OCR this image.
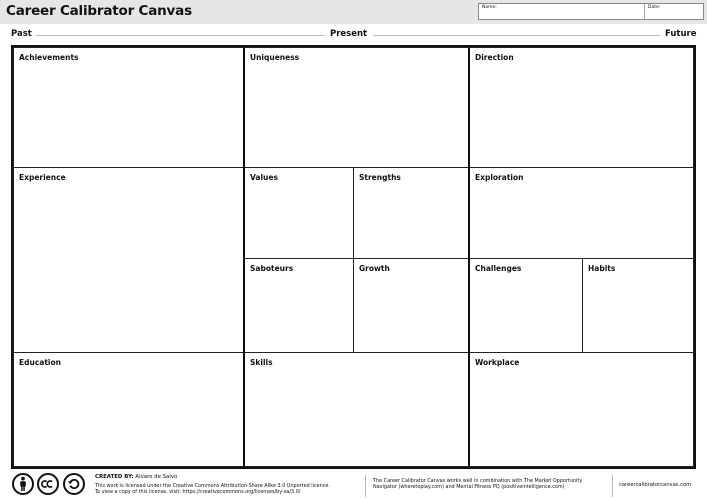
Career Calibrator Canvas	Name:	Date:
Past	Present	Future
Achievements
Experience
Education
Uniqueness
Values	Strengths
Saboteurs	Growth
Skills
Direction
Exploration
Challenges	Habits
Workplace
CREATED BY: Alvaro de Salvo
This work is licensed under the Creative Commons Attribution-Share Alike 3.0 Unported licence.
To view a copy of this license, visit: https://creativecommons.org/licenses/by-sa/3.0/
The Career Calibrator Canvas works well in combination with The Market Opportunity
Navigator (wheretoplay.com) and Mental Fitness PQ (positiveintelligence.com)	careercalibratorcanvas.com
